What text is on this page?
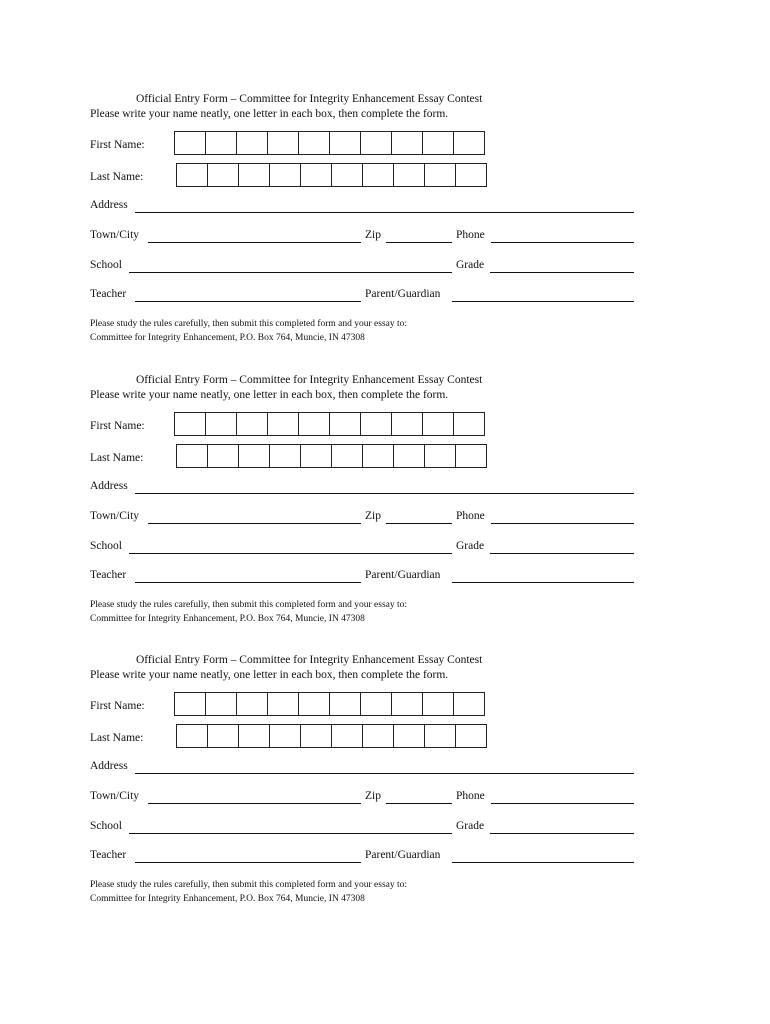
Official Entry Form – Committee for Integrity Enhancement Essay Contest
Please write your name neatly, one letter in each box, then complete the form.
First Name:
Last Name:
Address
Town/City	Zip	Phone
School	Grade
Teacher	Parent/Guardian
Please study the rules carefully, then submit this completed form and your essay to:
Committee for Integrity Enhancement, P.O. Box 764, Muncie, IN 47308
Official Entry Form – Committee for Integrity Enhancement Essay Contest
Please write your name neatly, one letter in each box, then complete the form.
First Name:
Last Name:
Address
Town/City	Zip	Phone
School	Grade
Teacher	Parent/Guardian
Please study the rules carefully, then submit this completed form and your essay to:
Committee for Integrity Enhancement, P.O. Box 764, Muncie, IN 47308
Official Entry Form – Committee for Integrity Enhancement Essay Contest
Please write your name neatly, one letter in each box, then complete the form.
First Name:
Last Name:
Address
Town/City	Zip	Phone
School	Grade
Teacher	Parent/Guardian
Please study the rules carefully, then submit this completed form and your essay to:
Committee for Integrity Enhancement, P.O. Box 764, Muncie, IN 47308
